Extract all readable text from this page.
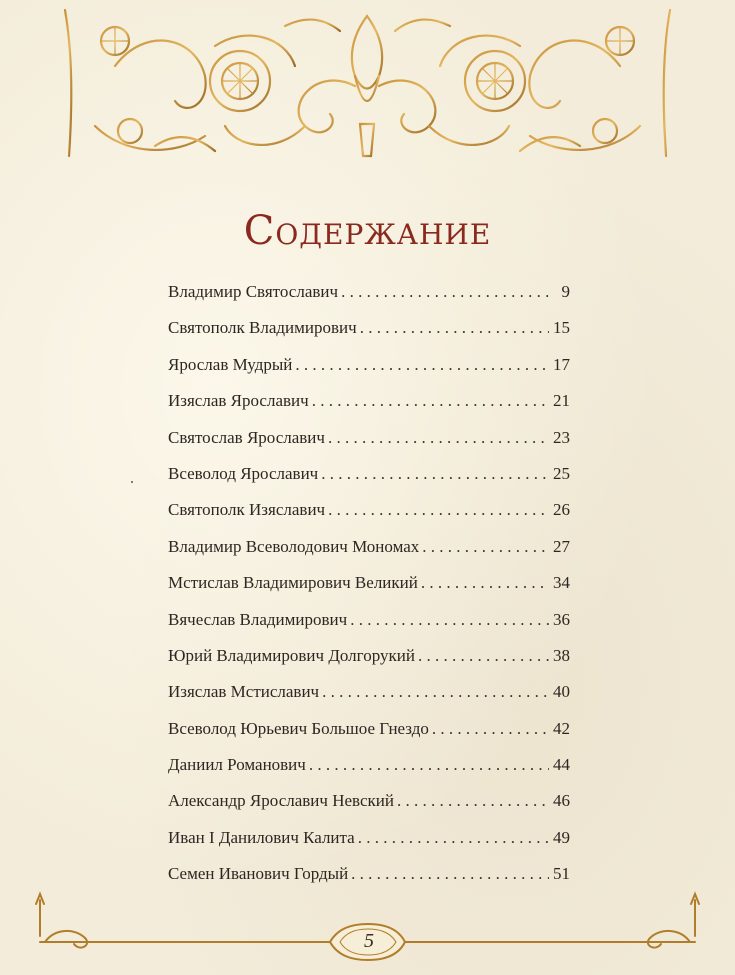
Содержание
Владимир Святославич . . .	9
Святополк Владимирович . . .	15
Ярослав Мудрый . . .	17
Изяслав Ярославич . . .	21
Святослав Ярославич . . .	23
Всеволод Ярославич . . .	25
Святополк Изяславич . . .	26
Владимир Всеволодович Мономах . . .	27
Мстислав Владимирович Великий . . .	34
Вячеслав Владимирович . . .	36
Юрий Владимирович Долгорукий . . .	38
Изяслав Мстиславич . . .	40
Всеволод Юрьевич Большое Гнездо . . .	42
Даниил Романович . . .	44
Александр Ярославич Невский . . .	46
Иван I Данилович Калита . . .	49
Семен Иванович Гордый . . .	51
5
